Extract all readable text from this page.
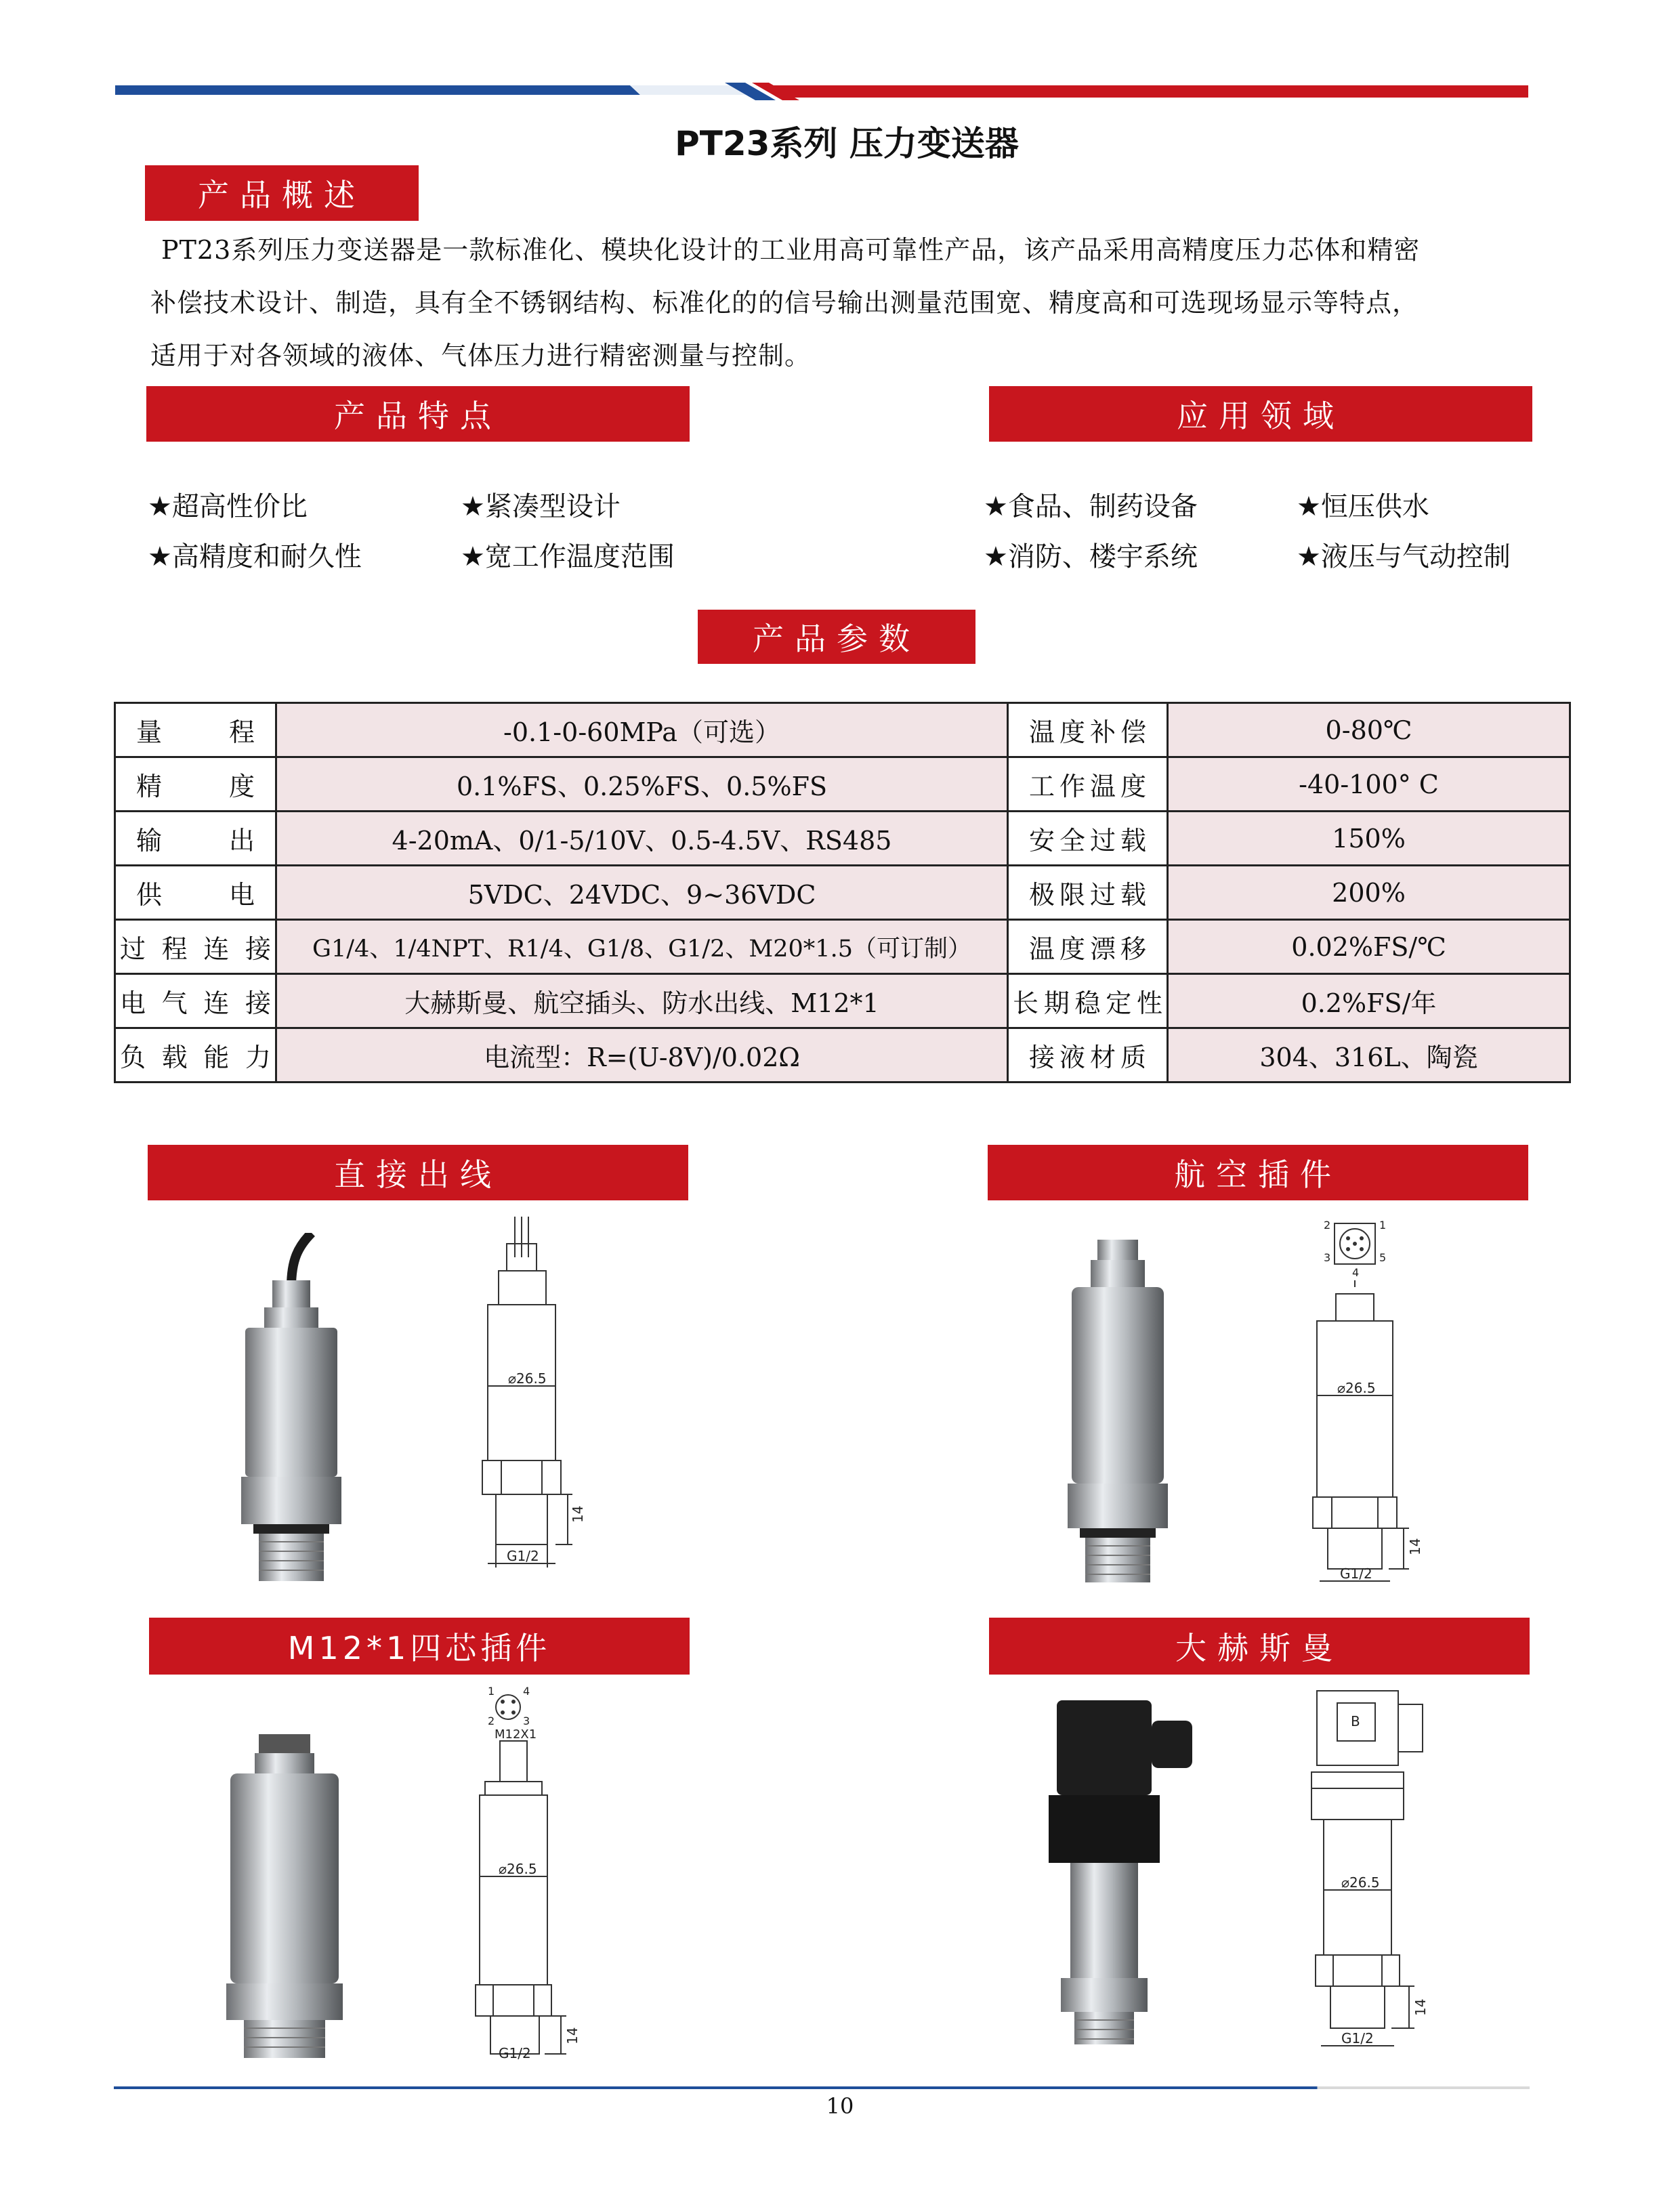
PT23系列 压力变送器
产品概述
PT23系列压力变送器是一款标准化、模块化设计的工业用高可靠性产品，该产品采用高精度压力芯体和精密
补偿技术设计、制造，具有全不锈钢结构、标准化的的信号输出测量范围宽、精度高和可选现场显示等特点，
适用于对各领域的液体、气体压力进行精密测量与控制。
产品特点	应用领域
★超高性价比	★紧凑型设计
★高精度和耐久性	★宽工作温度范围
★食品、制药设备	★恒压供水
★消防、楼宇系统	★液压与气动控制
产品参数
量　　程	-0.1-0-60MPa（可选）	温度补偿	0-80℃
精　　度	0.1%FS、0.25%FS、0.5%FS	工作温度	-40-100° C
输　　出	4-20mA、0/1-5/10V、0.5-4.5V、RS485	安全过载	150%
供　　电	5VDC、24VDC、9~36VDC	极限过载	200%
过程连接	G1/4、1/4NPT、R1/4、G1/8、G1/2、M20*1.5（可订制）	温度漂移	0.02%FS/℃
电气连接	大赫斯曼、航空插头、防水出线、M12*1	长期稳定性	0.2%FS/年
负载能力	电流型：R=(U-8V)/0.02Ω	接液材质	304、316L、陶瓷
直接出线	航空插件
M12*1四芯插件	大赫斯曼
⌀26.5
14
G1/2
2	1
3	5
4
⌀26.5
14
G1/2
1	4
2	3
M12X1
⌀26.5
14
G1/2
B
⌀26.5
14
G1/2
10
